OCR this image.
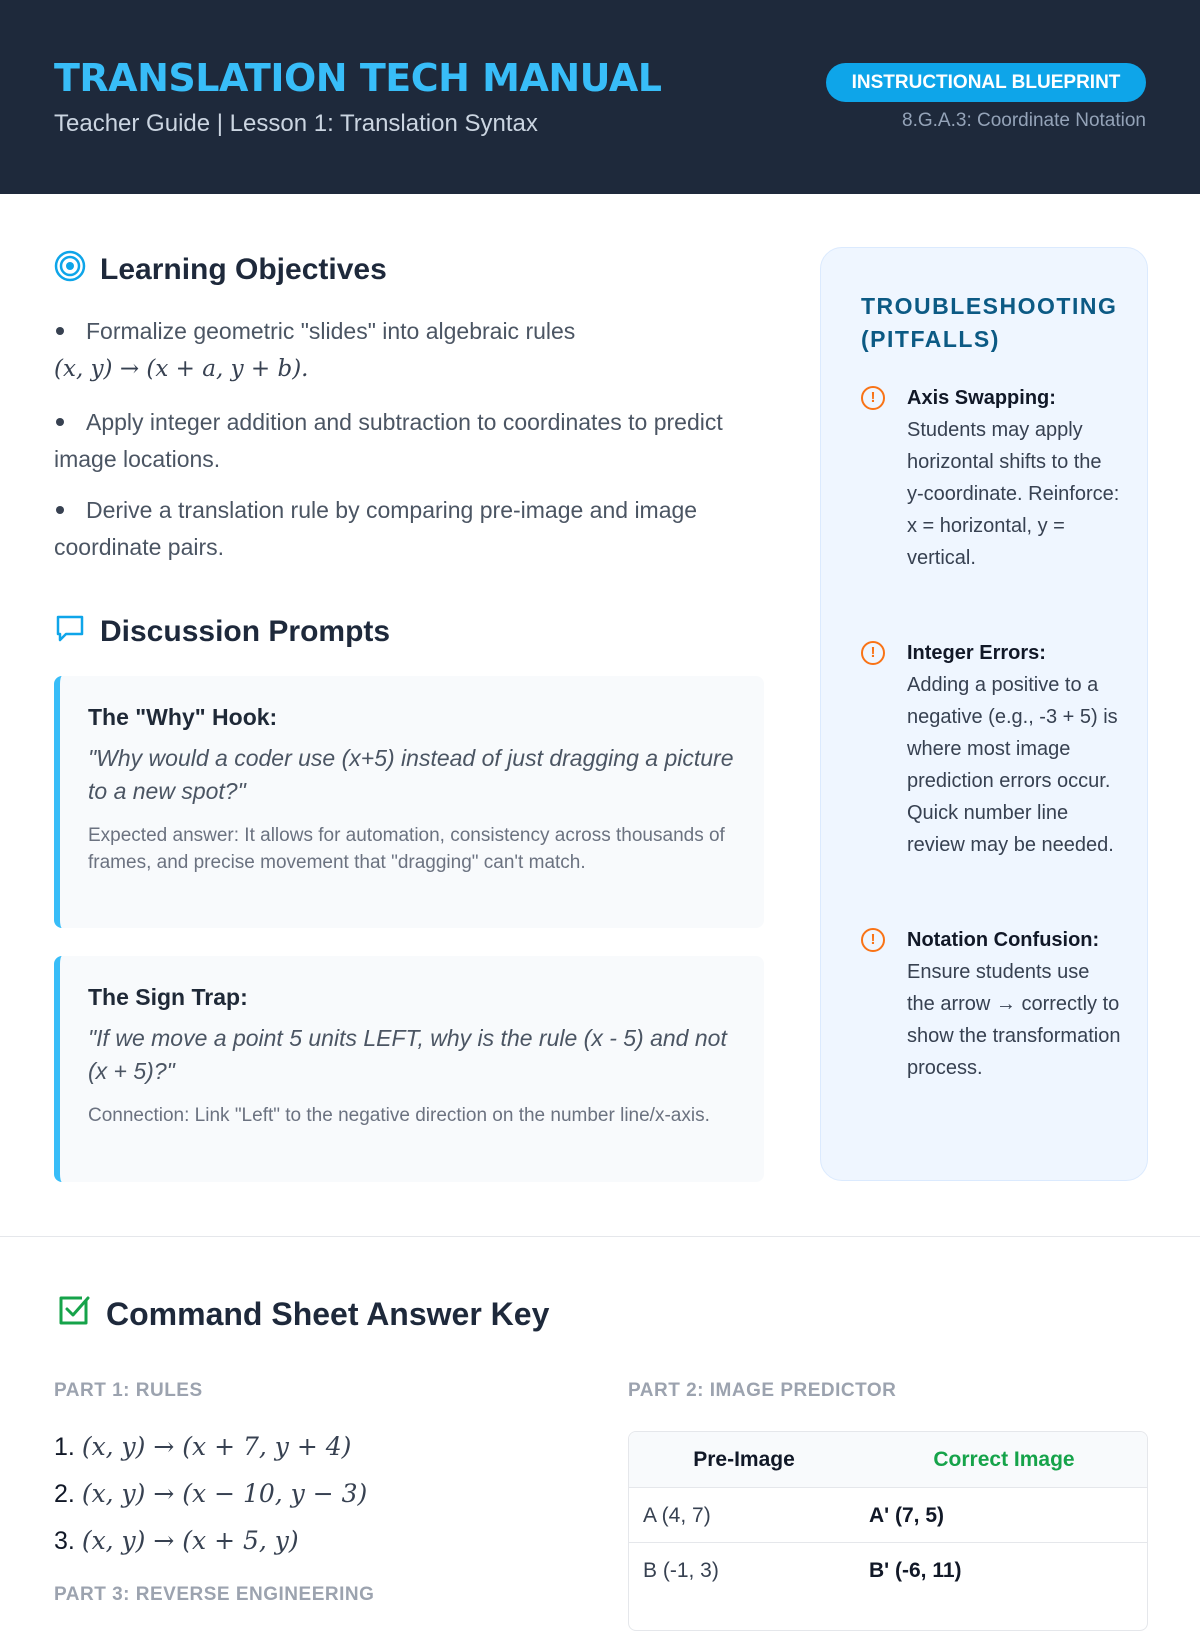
TRANSLATION TECH MANUAL
Teacher Guide | Lesson 1: Translation Syntax
INSTRUCTIONAL BLUEPRINT
8.G.A.3: Coordinate Notation
Learning Objectives
Formalize geometric "slides" into algebraic rules
(x, y) → (x + a, y + b).
Apply integer addition and subtraction to coordinates to predict image locations.
Derive a translation rule by comparing pre-image and image coordinate pairs.
Discussion Prompts
The "Why" Hook:
"Why would a coder use (x+5) instead of just dragging a picture to a new spot?"
Expected answer: It allows for automation, consistency across thousands of frames, and precise movement that "dragging" can't match.
The Sign Trap:
"If we move a point 5 units LEFT, why is the rule (x - 5) and not (x + 5)?"
Connection: Link "Left" to the negative direction on the number line/x-axis.
TROUBLESHOOTING (PITFALLS)
!	Axis Swapping:
Students may apply horizontal shifts to the y-coordinate. Reinforce: x = horizontal, y = vertical.
!	Integer Errors:
Adding a positive to a negative (e.g., -3 + 5) is where most image prediction errors occur. Quick number line review may be needed.
!	Notation Confusion:
Ensure students use the arrow → correctly to show the transformation process.
Command Sheet Answer Key
PART 1: RULES
1. (x, y) → (x + 7, y + 4)
2. (x, y) → (x − 10, y − 3)
3. (x, y) → (x + 5, y)
PART 3: REVERSE ENGINEERING
PART 2: IMAGE PREDICTOR
Pre-Image	Correct Image
A (4, 7)	A' (7, 5)
B (-1, 3)	B' (-6, 11)
